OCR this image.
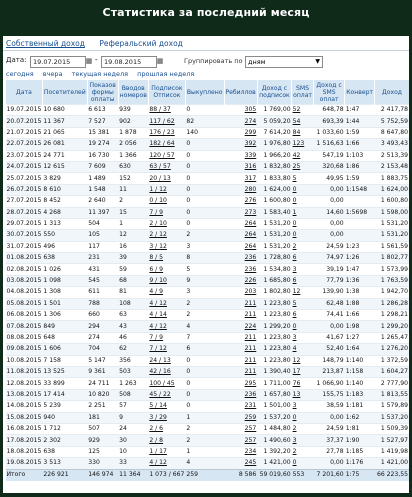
Статистика за последний месяц
Собственный доход Реферальский доход
Дата:	19.07.2015	▦ - 19.08.2015	▦	Группировать по дням	▼
сегодня вчера текущая неделя прошлая неделя
Дата	Посетителей	Показов формы оплаты	Вводов номеров	Подписок Отписок	Выкуплено	Ребиллов	Доход с подписок	SMS оплат	Доход с SMS оплат	Конверт	Доход
19.07.2015	10 680	6 613	939	88 / 37	0	305	1 769,00	52	648,78	1:47	2 417,78
20.07.2015	11 367	7 527	902	117 / 62	82	274	5 059,20	54	693,39	1:44	5 752,59
21.07.2015	21 065	15 381	1 878	176 / 23	140	299	7 614,20	84	1 033,60	1:59	8 647,80
22.07.2015	26 081	19 274	2 056	182 / 64	0	392	1 976,80	123	1 516,63	1:66	3 493,43
23.07.2015	24 771	16 730	1 366	120 / 57	0	339	1 966,20	42	547,19	1:103	2 513,39
24.07.2015	12 615	7 609	630	63 / 57	0	316	1 832,80	25	320,68	1:86	2 153,48
25.07.2015	3 829	1 489	152	20 / 13	0	317	1 833,80	5	49,95	1:59	1 883,75
26.07.2015	8 610	1 548	11	1 / 12	0	280	1 624,00	0	0,00	1:1548	1 624,00
27.07.2015	8 452	2 640	2	0 / 10	0	276	1 600,80	0	0,00		1 600,80
28.07.2015	4 268	11 397	15	7 / 9	0	273	1 583,40	1	14,60	1:5698	1 598,00
29.07.2015	1 313	504	1	2 / 10	0	264	1 531,20	0	0,00		1 531,20
30.07.2015	550	105	12	2 / 12	2	264	1 531,20	0	0,00		1 531,20
31.07.2015	496	117	16	3 / 12	3	264	1 531,20	2	24,59	1:23	1 561,59
01.08.2015	638	231	39	8 / 5	8	236	1 728,80	6	74,97	1:26	1 802,77
02.08.2015	1 026	431	59	6 / 9	5	236	1 534,80	3	39,19	1:47	1 573,99
03.08.2015	1 098	545	68	9 / 10	9	226	1 685,80	6	77,79	1:36	1 763,59
04.08.2015	1 308	611	81	4 / 9	3	203	1 802,80	12	139,90	1:38	1 942,70
05.08.2015	1 501	788	108	4 / 12	2	211	1 223,80	5	62,48	1:88	1 286,28
06.08.2015	1 306	660	63	4 / 14	2	211	1 223,80	6	74,41	1:66	1 298,21
07.08.2015	849	294	43	4 / 12	4	224	1 299,20	0	0,00	1:98	1 299,20
08.08.2015	648	274	46	7 / 9	7	211	1 223,80	3	41,67	1:27	1 265,47
09.08.2015	1 606	704	62	7 / 12	6	211	1 223,80	4	52,40	1:64	1 276,20
10.08.2015	7 158	5 147	356	24 / 13	0	211	1 223,80	12	148,79	1:140	1 372,59
11.08.2015	13 525	9 361	503	42 / 16	0	211	1 390,40	17	213,87	1:158	1 604,27
12.08.2015	33 899	24 711	1 263	100 / 45	0	295	1 711,00	76	1 066,90	1:140	2 777,90
13.08.2015	17 414	10 820	508	45 / 22	0	236	1 657,80	13	155,75	1:183	1 813,55
14.08.2015	5 239	2 251	57	5 / 14	0	231	1 501,00	3	38,59	1:181	1 579,89
15.08.2015	940	181	9	3 / 29	1	259	1 537,20	0	0,00	1:62	1 537,20
16.08.2015	1 712	507	24	2 / 6	2	257	1 484,80	2	24,59	1:81	1 509,39
17.08.2015	2 302	929	30	2 / 8	2	257	1 490,60	3	37,37	1:90	1 527,97
18.08.2015	638	125	10	1 / 17	1	234	1 392,20	2	27,78	1:185	1 419,98
19.08.2015	3 513	330	33	4 / 12	4	245	1 421,00	0	0,00	1:176	1 421,00
Итого	226 921	146 974	11 364	1 073 / 667	259	8 586	59 019,60	553	7 201,60	1:75	66 223,55
